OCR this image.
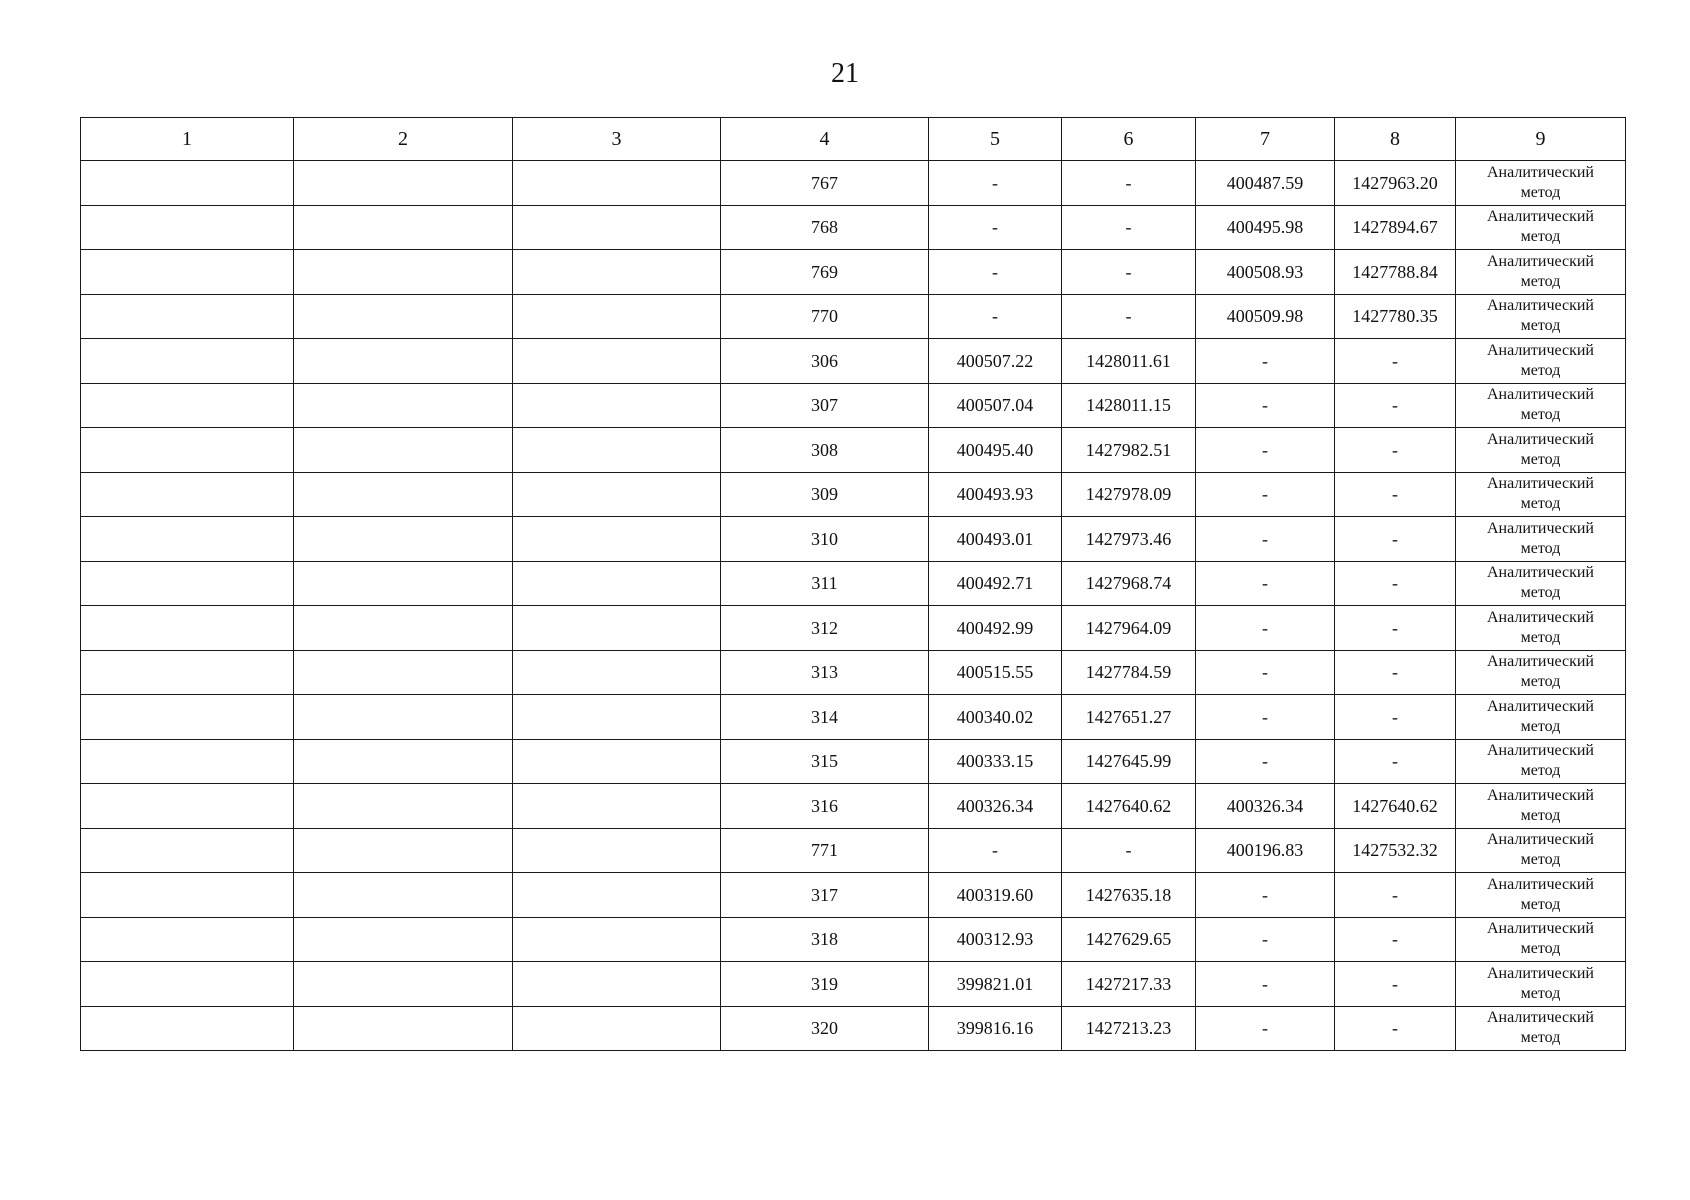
21
1	2	3	4	5	6	7	8	9
			767	-	-	400487.59	1427963.20	Аналитический метод
			768	-	-	400495.98	1427894.67	Аналитический метод
			769	-	-	400508.93	1427788.84	Аналитический метод
			770	-	-	400509.98	1427780.35	Аналитический метод
			306	400507.22	1428011.61	-	-	Аналитический метод
			307	400507.04	1428011.15	-	-	Аналитический метод
			308	400495.40	1427982.51	-	-	Аналитический метод
			309	400493.93	1427978.09	-	-	Аналитический метод
			310	400493.01	1427973.46	-	-	Аналитический метод
			311	400492.71	1427968.74	-	-	Аналитический метод
			312	400492.99	1427964.09	-	-	Аналитический метод
			313	400515.55	1427784.59	-	-	Аналитический метод
			314	400340.02	1427651.27	-	-	Аналитический метод
			315	400333.15	1427645.99	-	-	Аналитический метод
			316	400326.34	1427640.62	400326.34	1427640.62	Аналитический метод
			771	-	-	400196.83	1427532.32	Аналитический метод
			317	400319.60	1427635.18	-	-	Аналитический метод
			318	400312.93	1427629.65	-	-	Аналитический метод
			319	399821.01	1427217.33	-	-	Аналитический метод
			320	399816.16	1427213.23	-	-	Аналитический метод
